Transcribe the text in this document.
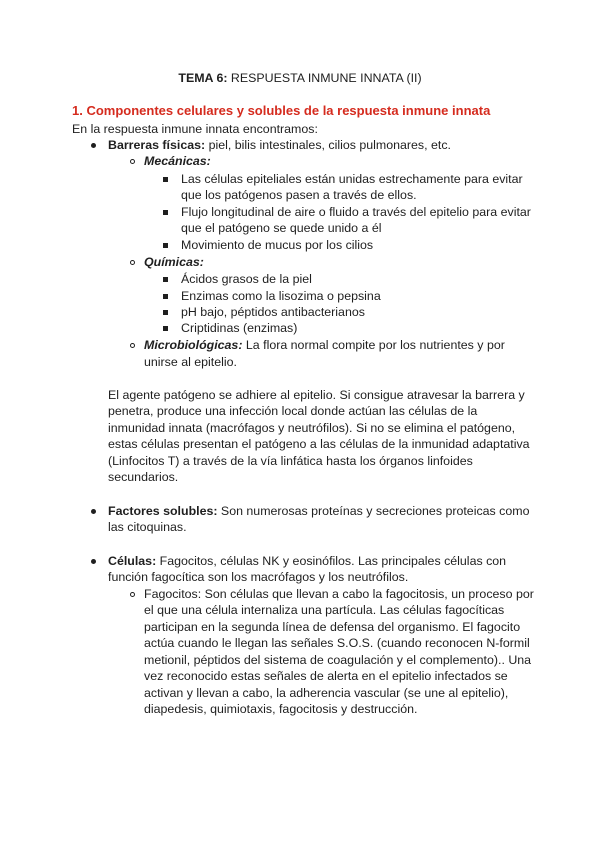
TEMA 6: RESPUESTA INMUNE INNATA (II)
1. Componentes celulares y solubles de la respuesta inmune innata
En la respuesta inmune innata encontramos:
Barreras físicas: piel, bilis intestinales, cilios pulmonares, etc.
Mecánicas:
Las células epiteliales están unidas estrechamente para evitar
que los patógenos pasen a través de ellos.
Flujo longitudinal de aire o fluido a través del epitelio para evitar
que el patógeno se quede unido a él
Movimiento de mucus por los cilios
Químicas:
Ácidos grasos de la piel
Enzimas como la lisozima o pepsina
pH bajo, péptidos antibacterianos
Criptidinas (enzimas)
Microbiológicas: La flora normal compite por los nutrientes y por
unirse al epitelio.
El agente patógeno se adhiere al epitelio. Si consigue atravesar la barrera y
penetra, produce una infección local donde actúan las células de la
inmunidad innata (macrófagos y neutrófilos). Si no se elimina el patógeno,
estas células presentan el patógeno a las células de la inmunidad adaptativa
(Linfocitos T) a través de la vía linfática hasta los órganos linfoides
secundarios.
Factores solubles: Son numerosas proteínas y secreciones proteicas como
las citoquinas.
Células: Fagocitos, células NK y eosinófilos. Las principales células con
función fagocítica son los macrófagos y los neutrófilos.
Fagocitos: Son células que llevan a cabo la fagocitosis, un proceso por
el que una célula internaliza una partícula. Las células fagocíticas
participan en la segunda línea de defensa del organismo. El fagocito
actúa cuando le llegan las señales S.O.S. (cuando reconocen N-formil
metionil, péptidos del sistema de coagulación y el complemento).. Una
vez reconocido estas señales de alerta en el epitelio infectados se
activan y llevan a cabo, la adherencia vascular (se une al epitelio),
diapedesis, quimiotaxis, fagocitosis y destrucción.
